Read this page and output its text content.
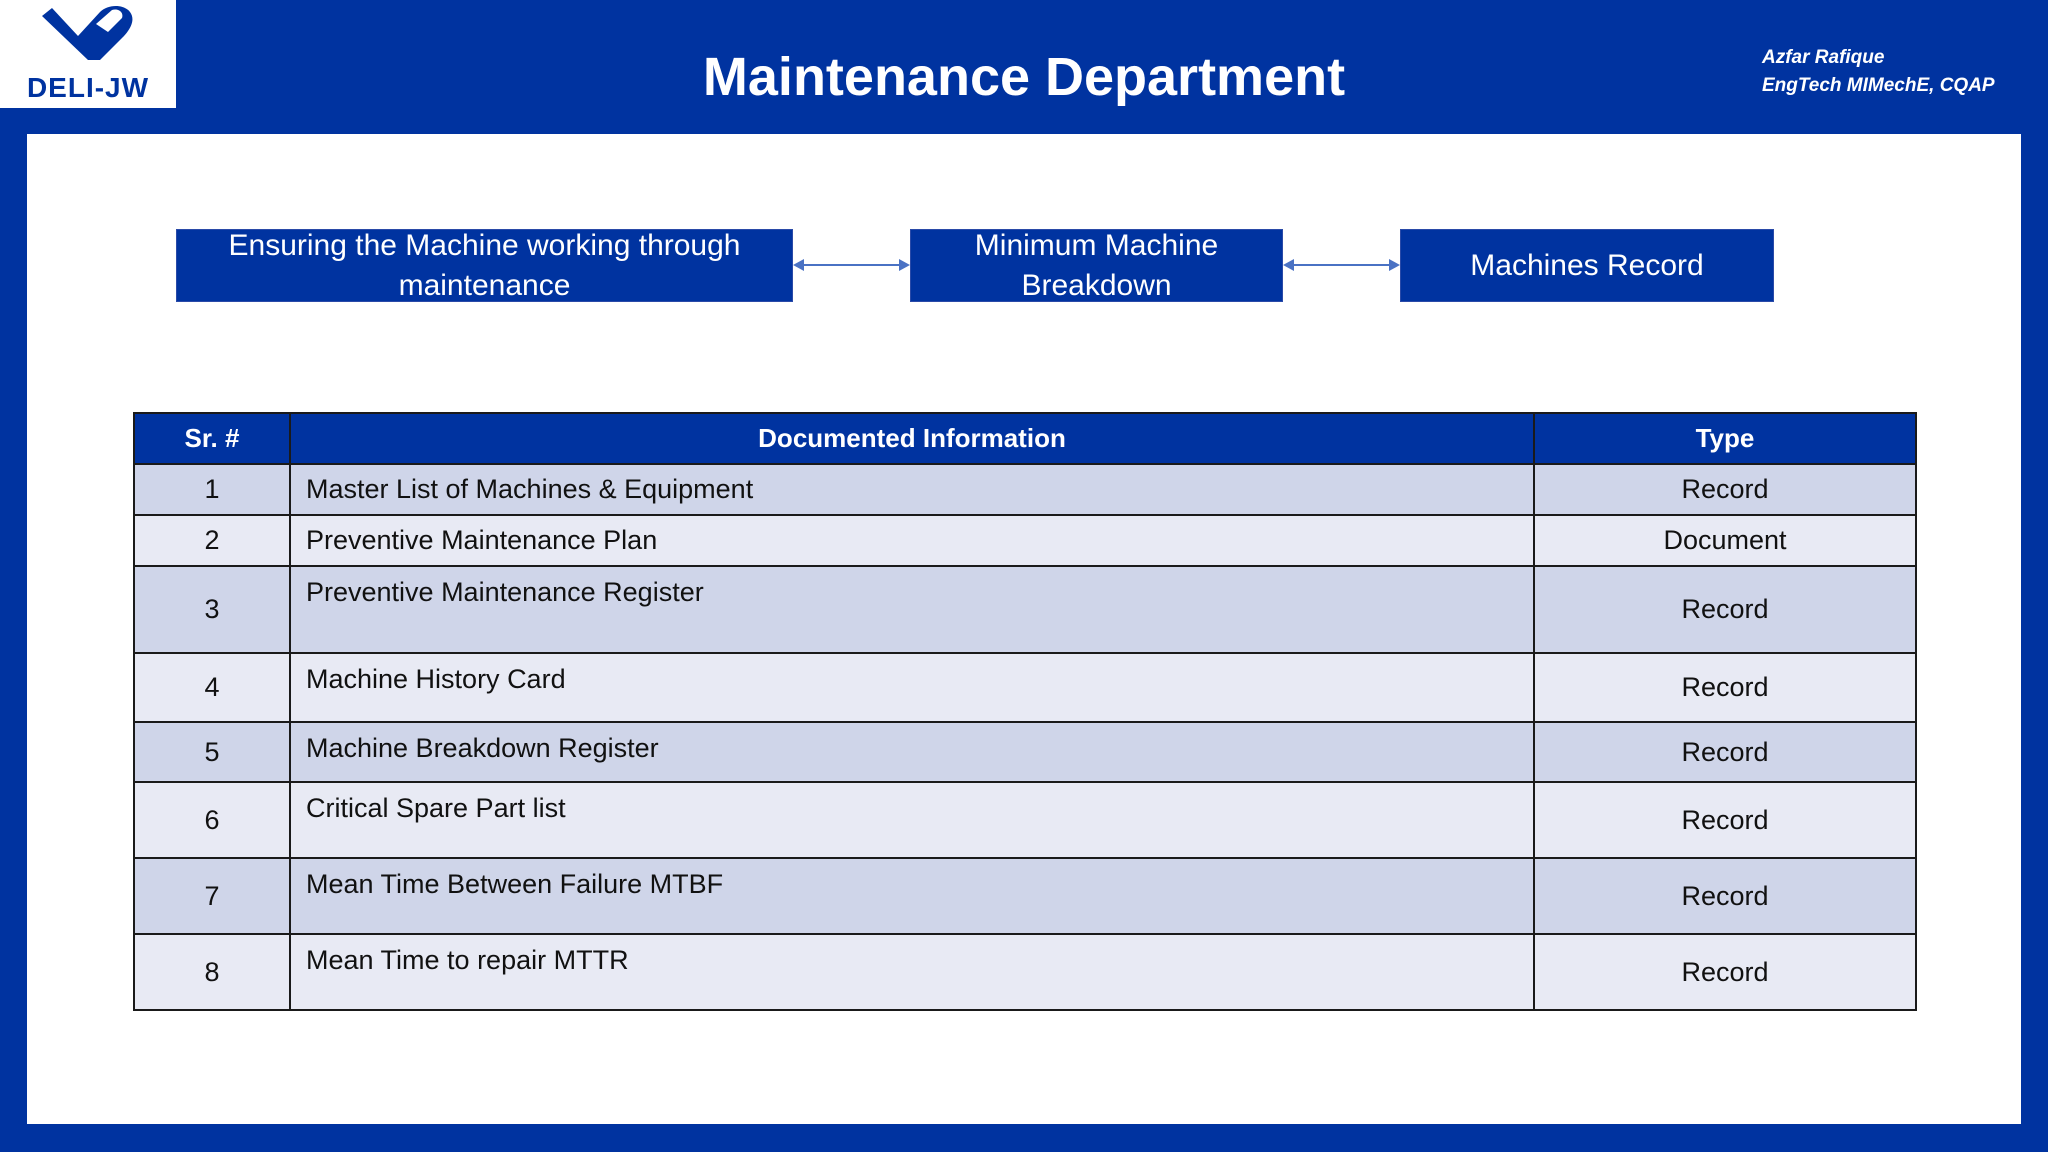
DELI-JW	Maintenance Department	Azfar Rafique
EngTech MIMechE, CQAP
Ensuring the Machine working through maintenance
Minimum Machine Breakdown
Machines Record
Sr. #	Documented Information	Type
1	Master List of Machines & Equipment	Record
2	Preventive Maintenance Plan	Document
3	Preventive Maintenance Register	Record
4	Machine History Card	Record
5	Machine Breakdown Register	Record
6	Critical Spare Part list	Record
7	Mean Time Between Failure MTBF	Record
8	Mean Time to repair MTTR	Record
